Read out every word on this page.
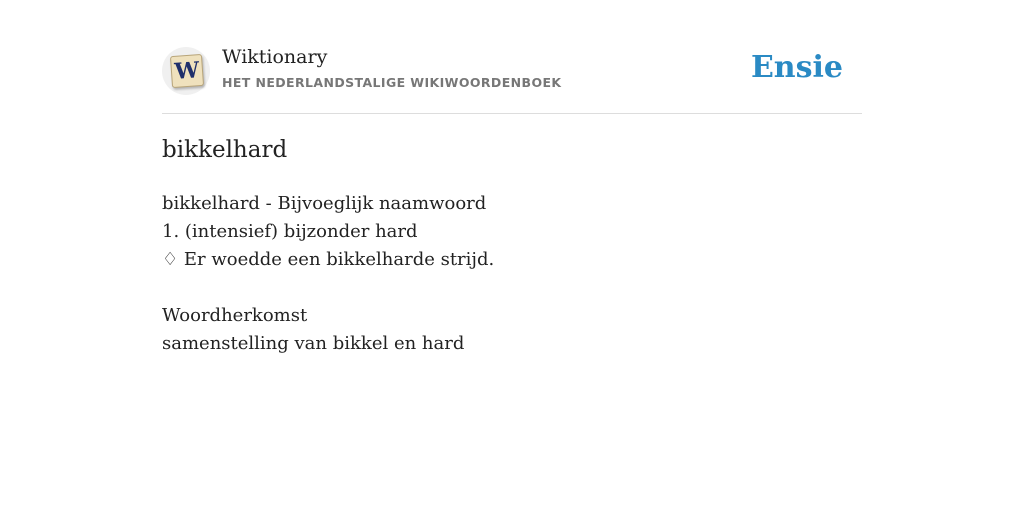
W
Wiktionary
HET NEDERLANDSTALIGE WIKIWOORDENBOEK	Ensie
bikkelhard
bikkelhard - Bijvoeglijk naamwoord
1. (intensief) bijzonder hard
♢ Er woedde een bikkelharde strijd.
Woordherkomst
samenstelling van bikkel en hard
